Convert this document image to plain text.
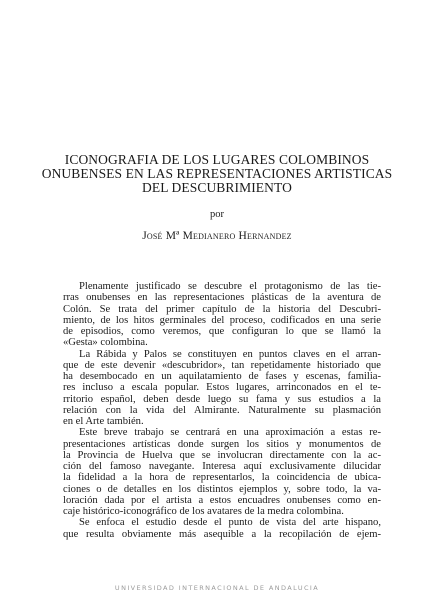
ICONOGRAFIA DE LOS LUGARES COLOMBINOS
ONUBENSES EN LAS REPRESENTACIONES ARTISTICAS
DEL DESCUBRIMIENTO
por
José Mª Medianero Hernandez
Plenamente justificado se descubre el protagonismo de las tie-
rras onubenses en las representaciones plásticas de la aventura de
Colón. Se trata del primer capítulo de la historia del Descubri-
miento, de los hitos germinales del proceso, codificados en una serie
de episodios, como veremos, que configuran lo que se llamó la
«Gesta» colombina.
La Rábida y Palos se constituyen en puntos claves en el arran-
que de este devenir «descubridor», tan repetidamente historiado que
ha desembocado en un aquilatamiento de fases y escenas, familia-
res incluso a escala popular. Estos lugares, arrinconados en el te-
rritorio español, deben desde luego su fama y sus estudios a la
relación con la vida del Almirante. Naturalmente su plasmación
en el Arte también.
Este breve trabajo se centrará en una aproximación a estas re-
presentaciones artísticas donde surgen los sitios y monumentos de
la Provincia de Huelva que se involucran directamente con la ac-
ción del famoso navegante. Interesa aquí exclusivamente dilucidar
la fidelidad a la hora de representarlos, la coincidencia de ubica-
ciones o de detalles en los distintos ejemplos y, sobre todo, la va-
loración dada por el artista a estos encuadres onubenses como en-
caje histórico-iconográfico de los avatares de la medra colombina.
Se enfoca el estudio desde el punto de vista del arte hispano,
que resulta obviamente más asequible a la recopilación de ejem-
UNIVERSIDAD INTERNACIONAL DE ANDALUCIA
